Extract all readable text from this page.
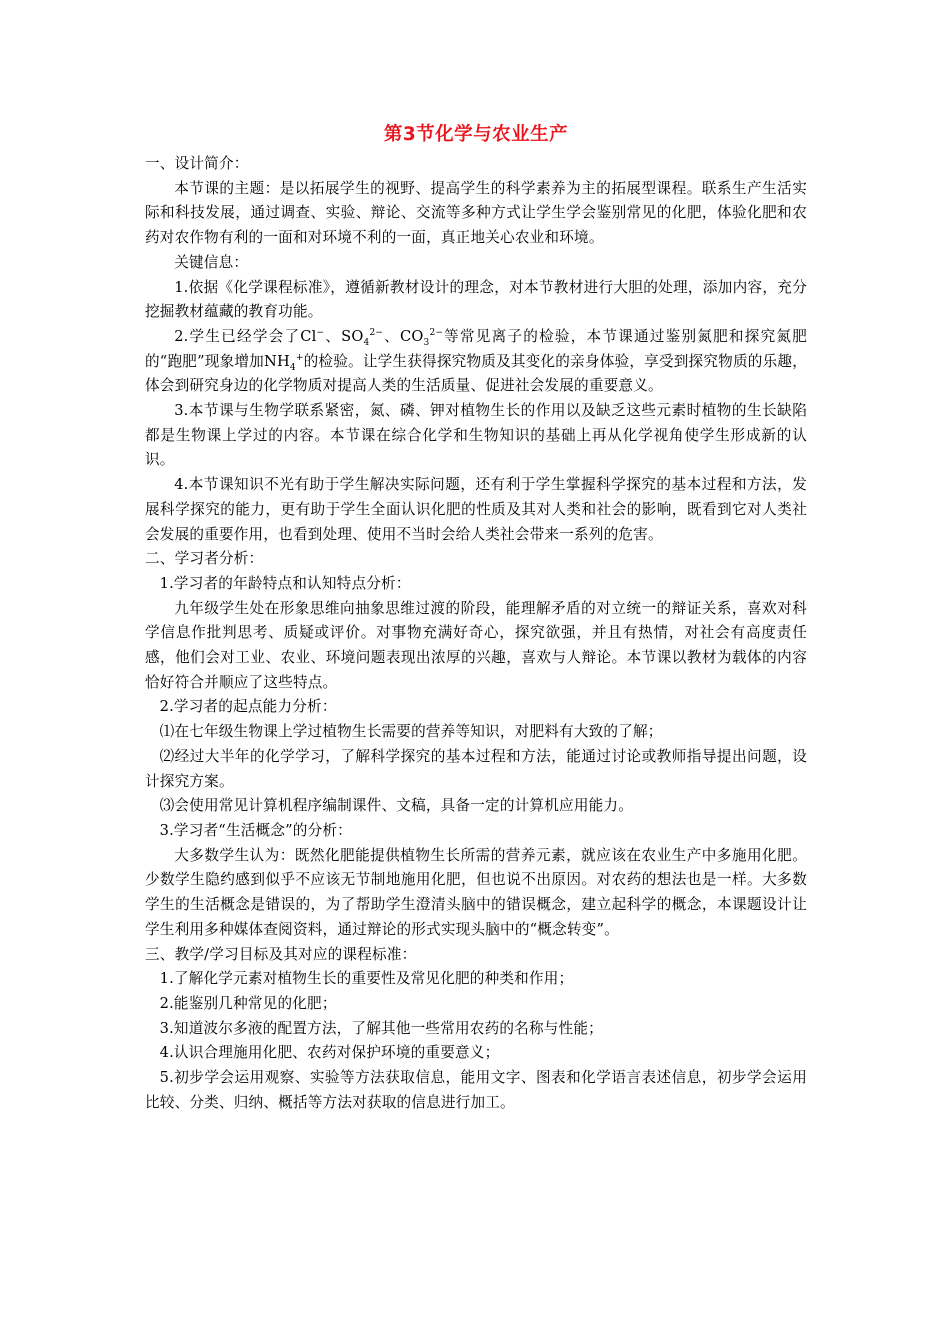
第3节化学与农业生产

一、设计简介：

本节课的主题：是以拓展学生的视野、提高学生的科学素养为主的拓展型课程。联系生产生活实际和科技发展，通过调查、实验、辩论、交流等多种方式让学生学会鉴别常见的化肥，体验化肥和农药对农作物有利的一面和对环境不利的一面，真正地关心农业和环境。

关键信息：

1.依据《化学课程标准》，遵循新教材设计的理念，对本节教材进行大胆的处理，添加内容，充分挖掘教材蕴藏的教育功能。

2.学生已经学会了Cl−、$SO_4^{2-}$、$CO_3^{2-}$等常见离子的检验，本节课通过鉴别氮肥和探究氮肥的“跑肥”现象增加$NH_4^+$的检验。让学生获得探究物质及其变化的亲身体验，享受到探究物质的乐趣，体会到研究身边的化学物质对提高人类的生活质量、促进社会发展的重要意义。

3.本节课与生物学联系紧密，氮、磷、钾对植物生长的作用以及缺乏这些元素时植物的生长缺陷都是生物课上学过的内容。本节课在综合化学和生物知识的基础上再从化学视角使学生形成新的认识。

4.本节课知识不光有助于学生解决实际问题，还有利于学生掌握科学探究的基本过程和方法，发展科学探究的能力，更有助于学生全面认识化肥的性质及其对人类和社会的影响，既看到它对人类社会发展的重要作用，也看到处理、使用不当时会给人类社会带来一系列的危害。

二、学习者分析：

1.学习者的年龄特点和认知特点分析：

九年级学生处在形象思维向抽象思维过渡的阶段，能理解矛盾的对立统一的辩证关系，喜欢对科学信息作批判思考、质疑或评价。对事物充满好奇心，探究欲强，并且有热情，对社会有高度责任感，他们会对工业、农业、环境问题表现出浓厚的兴趣，喜欢与人辩论。本节课以教材为载体的内容恰好符合并顺应了这些特点。

2.学习者的起点能力分析：

⑴在七年级生物课上学过植物生长需要的营养等知识，对肥料有大致的了解；

⑵经过大半年的化学学习，了解科学探究的基本过程和方法，能通过讨论或教师指导提出问题，设计探究方案。

⑶会使用常见计算机程序编制课件、文稿，具备一定的计算机应用能力。

3.学习者“生活概念”的分析：

大多数学生认为：既然化肥能提供植物生长所需的营养元素，就应该在农业生产中多施用化肥。少数学生隐约感到似乎不应该无节制地施用化肥，但也说不出原因。对农药的想法也是一样。大多数学生的生活概念是错误的，为了帮助学生澄清头脑中的错误概念，建立起科学的概念，本课题设计让学生利用多种媒体查阅资料，通过辩论的形式实现头脑中的“概念转变”。

三、教学/学习目标及其对应的课程标准：

1.了解化学元素对植物生长的重要性及常见化肥的种类和作用；

2.能鉴别几种常见的化肥；

3.知道波尔多液的配置方法，了解其他一些常用农药的名称与性能；

4.认识合理施用化肥、农药对保护环境的重要意义；

5.初步学会运用观察、实验等方法获取信息，能用文字、图表和化学语言表述信息，初步学会运用比较、分类、归纳、概括等方法对获取的信息进行加工。
